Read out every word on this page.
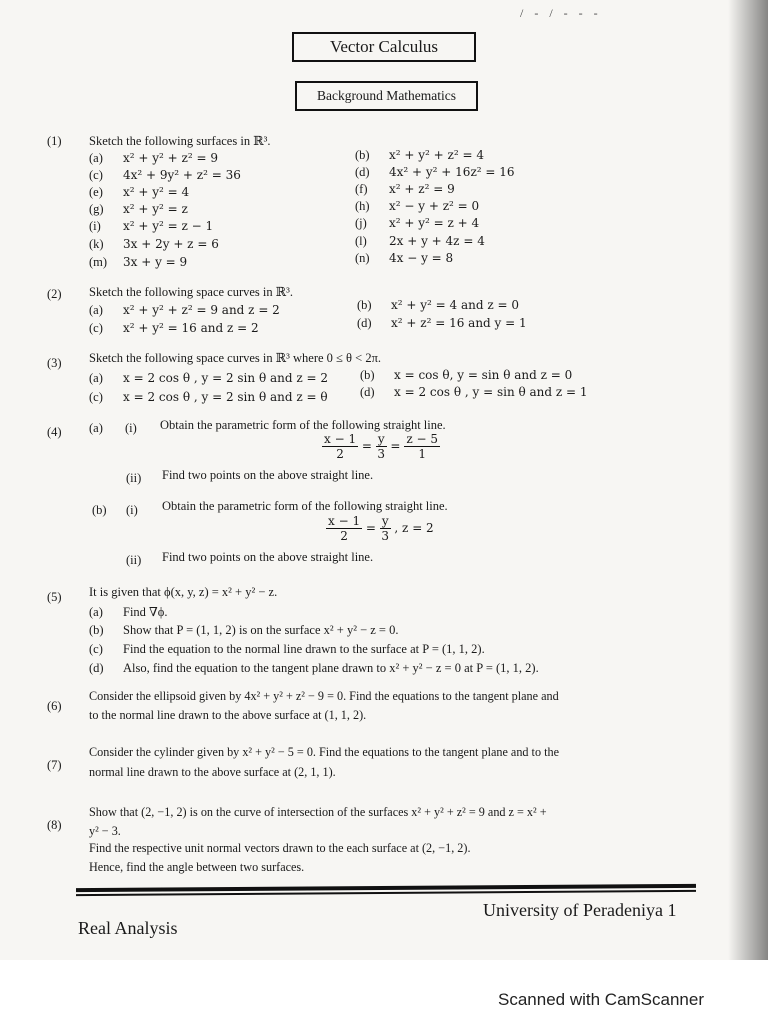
/ ‑ / ‑ ‑ ‑
Vector Calculus
Background Mathematics
(1) Sketch the following surfaces in ℝ³.
(a) x² + y² + z² = 9	(b) x² + y² + z² = 4
(c) 4x² + 9y² + z² = 36	(d) 4x² + y² + 16z² = 16
(e) x² + y² = 4	(f) x² + z² = 9
(g) x² + y² = z	(h) x² − y + z² = 0
(i) x² + y² = z − 1	(j) x² + y² = z + 4
(k) 3x + 2y + z = 6	(l) 2x + y + 4z = 4
(m) 3x + y = 9	(n) 4x − y = 8
(2) Sketch the following space curves in ℝ³.
(a) x² + y² + z² = 9 and z = 2	(b) x² + y² = 4 and z = 0
(c) x² + y² = 16 and z = 2	(d) x² + z² = 16 and y = 1
(3) Sketch the following space curves in ℝ³ where 0 ≤ θ < 2π.
(a) x = 2 cos θ , y = 2 sin θ and z = 2	(b) x = cos θ, y = sin θ and z = 0
(c) x = 2 cos θ , y = 2 sin θ and z = θ	(d) x = 2 cos θ , y = sin θ and z = 1
(4) (a) (i) Obtain the parametric form of the following straight line.
$\frac{x - 1}{2} = \frac{y}{3} = \frac{z - 5}{1}$
(ii) Find two points on the above straight line.
(b) (i) Obtain the parametric form of the following straight line.
$\frac{x - 1}{2} = \frac{y}{3}$ , z = 2
(ii) Find two points on the above straight line.
(5) It is given that ϕ(x, y, z) = x² + y² − z.
(a) Find ∇ϕ.
(b) Show that P = (1, 1, 2) is on the surface x² + y² − z = 0.
(c) Find the equation to the normal line drawn to the surface at P = (1, 1, 2).
(d) Also, find the equation to the tangent plane drawn to x² + y² − z = 0 at P = (1, 1, 2).
(6)
Consider the ellipsoid given by 4x² + y² + z² − 9 = 0. Find the equations to the tangent plane and
to the normal line drawn to the above surface at (1, 1, 2).
(7)
Consider the cylinder given by x² + y² − 5 = 0. Find the equations to the tangent plane and to the
normal line drawn to the above surface at (2, 1, 1).
(8)
Show that (2, −1, 2) is on the curve of intersection of the surfaces x² + y² + z² = 9 and z = x² +
y² − 3.
Find the respective unit normal vectors drawn to the each surface at (2, −1, 2).
Hence, find the angle between two surfaces.
Real Analysis
University of Peradeniya 1
Scanned with CamScanner
